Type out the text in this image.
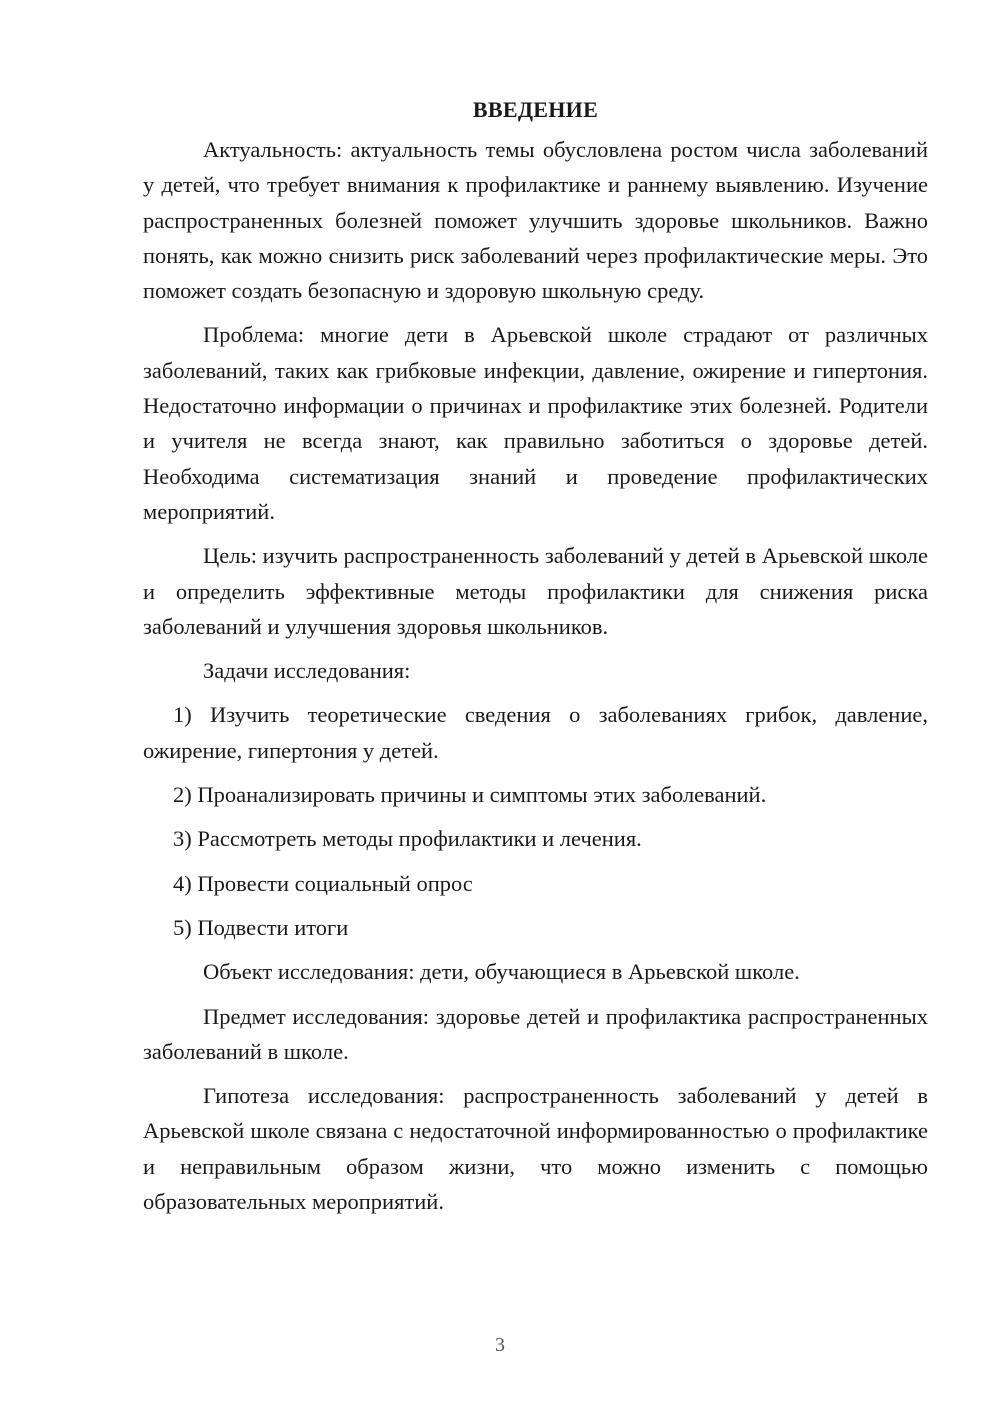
ВВЕДЕНИЕ

Актуальность: актуальность темы обусловлена ростом числа заболеваний у детей, что требует внимания к профилактике и раннему выявлению. Изучение распространенных болезней поможет улучшить здоровье школьников. Важно понять, как можно снизить риск заболеваний через профилактические меры. Это поможет создать безопасную и здоровую школьную среду.

Проблема: многие дети в Арьевской школе страдают от различных заболеваний, таких как грибковые инфекции, давление, ожирение и гипертония. Недостаточно информации о причинах и профилактике этих болезней. Родители и учителя не всегда знают, как правильно заботиться о здоровье детей. Необходима систематизация знаний и проведение профилактических мероприятий.

Цель: изучить распространенность заболеваний у детей в Арьевской школе и определить эффективные методы профилактики для снижения риска заболеваний и улучшения здоровья школьников.

Задачи исследования:

1) Изучить теоретические сведения о заболеваниях грибок, давление, ожирение, гипертония у детей.

2) Проанализировать причины и симптомы этих заболеваний.

3) Рассмотреть методы профилактики и лечения.

4) Провести социальный опрос

5) Подвести итоги

Объект исследования: дети, обучающиеся в Арьевской школе.

Предмет исследования: здоровье детей и профилактика распространенных заболеваний в школе.

Гипотеза исследования: распространенность заболеваний у детей в Арьевской школе связана с недостаточной информированностью о профилактике и неправильным образом жизни, что можно изменить с помощью образовательных мероприятий.

3
